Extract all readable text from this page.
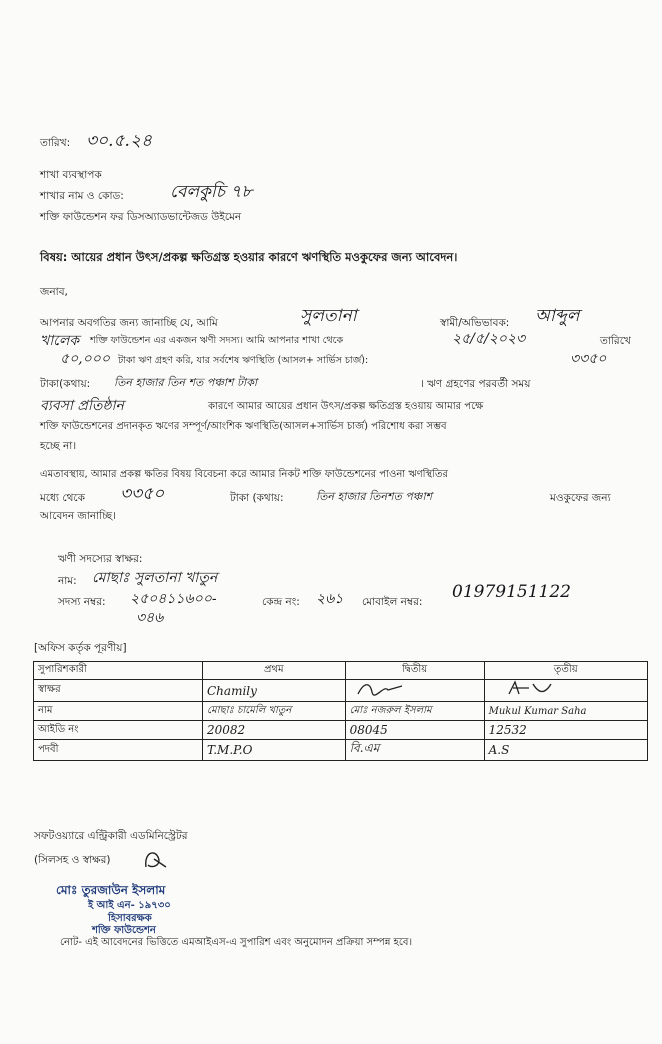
তারিখ: ৩০.৫.২৪
শাখা ব্যবস্থাপক
শাখার নাম ও কোড:	বেলকুচি ৭৮
শক্তি ফাউন্ডেশন ফর ডিসঅ্যাডভান্টেজড উইমেন
বিষয়: আয়ের প্রধান উৎস/প্রকল্প ক্ষতিগ্রস্ত হওয়ার কারণে ঋণস্থিতি মওকুফের জন্য আবেদন।
জনাব,
আপনার অবগতির জন্য জানাচ্ছি যে, আমি	সুলতানা	স্বামী/অভিভাবক: আব্দুল
খালেক শক্তি ফাউন্ডেশন এর একজন ঋণী সদস্য। আমি আপনার শাখা থেকে	২৫/৫/২০২৩	তারিখে
৫০,০০০ টাকা ঋণ গ্রহণ করি, যার সর্বশেষ ঋণস্থিতি (আসল+ সার্ভিস চার্জ):	৩৩৫০
টাকা(কথায়: তিন হাজার তিন শত পঞ্চাশ টাকা	। ঋণ গ্রহণের পরবর্তী সময়
ব্যবসা প্রতিষ্ঠান	কারণে আমার আয়ের প্রধান উৎস/প্রকল্প ক্ষতিগ্রস্ত হওয়ায় আমার পক্ষে
শক্তি ফাউন্ডেশনের প্রদানকৃত ঋণের সম্পূর্ণ/আংশিক ঋণস্থিতি(আসল+সার্ভিস চার্জ) পরিশোধ করা সম্ভব
হচ্ছে না।
এমতাবস্থায়, আমার প্রকল্প ক্ষতির বিষয় বিবেচনা করে আমার নিকট শক্তি ফাউন্ডেশনের পাওনা ঋণস্থিতির
মধ্যে থেকে ৩৩৫০	টাকা (কথায়:	তিন হাজার তিনশত পঞ্চাশ	মওকুফের জন্য
আবেদন জানাচ্ছি।
ঋণী সদস্যের স্বাক্ষর:
নাম: মোছাঃ সুলতানা খাতুন
সদস্য নম্বর: ২৫০৪১১৬০০-
৩৪৬
কেন্দ্র নং: ২৬১ মোবাইল নম্বর: 01979151122
[অফিস কর্তৃক পূরণীয়]
সুপারিশকারী	প্রথম	দ্বিতীয়	তৃতীয়
স্বাক্ষর	Chamily		
নাম	মোছাঃ চামেলি খাতুন	মোঃ নজরুল ইসলাম	Mukul Kumar Saha
আইডি নং	20082	08045	12532
পদবী	T.M.P.O	বি.এম	A.S
সফটওয়্যারে এন্ট্রিকারী এডমিনিস্ট্রেটর
(সিলসহ ও স্বাক্ষর)
মোঃ তুরজাউন ইসলাম
ই আই এন- ১৯৭৩০
হিসাবরক্ষক
শক্তি ফাউন্ডেশন
নোট- এই আবেদনের ভিত্তিতে এমআইএস-এ সুপারিশ এবং অনুমোদন প্রক্রিয়া সম্পন্ন হবে।
